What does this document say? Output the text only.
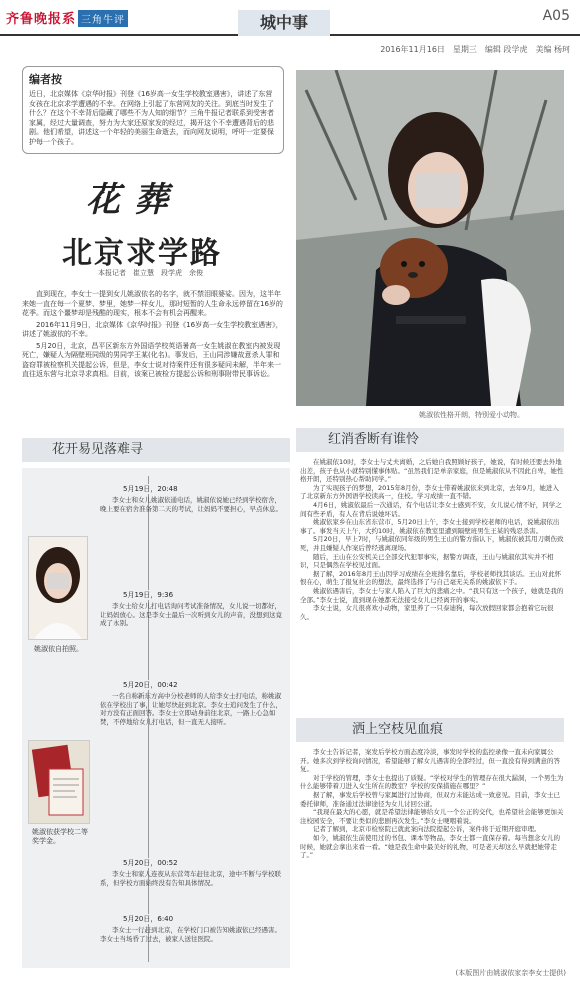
齐鲁晚报系 三角牛评	城中事	A05
2016年11月16日　星期三　编辑 段学虎　美编 杨珂
编者按

近日，北京媒体《京华时报》刊登《16岁高一女生学校教室遇害》，讲述了东营女孩在北京求学遭遇的不幸。在网络上引起了东营网友的关注。到底当时发生了什么？在这个不幸背后隐藏了哪些不为人知的细节？三角牛报记者联系到受害者家属，经过大量调查，努力为大家还原家发的经过，揭开这个不幸遭遇背后的悲剧。他们希望，讲述这一个年轻的美丽生命逝去，而向网友说明，呼吁一定要保护每一个孩子。

花葬
北京求学路
本报记者　崔立慧　段学虎　余俊

直到现在，李女士一提到女儿姚淑依名的名字，就不禁泪眼婆娑。因为，这半年来她一直在每一个夏梦、梦里，她梦一样女儿，那时短暂的人生命永远停留在16岁的花季。而这个噩梦却是残酷的现实，根本不会有机会再醒来。

2016年11月9日，北京媒体《京华时报》刊登《16岁高一女生学校教室遇害》，讲述了姚淑依的不幸。

5月20日，北京，昌平区新东方外国语学校英语暑高一女生姚淑在教室内被发现死亡，嫌疑人为隔壁班同级的男同学王某(化名)。事发后，王山同涉嫌故意杀人罪和盗窃罪被检察机关提起公诉，但是，李女士说对待案件还有很多疑问未解，半年来一直往返东营与北京寻求真相。目前，该案已被检方提起公诉和刑事附带民事诉讼。

姚淑依性格开朗，特别爱小动物。
红消香断有谁怜

在姚淑依10时，李女士与丈夫离婚，之后她自我照顾好孩子，她说，有时候还要去外地出差，孩子也从小就特别懂事体贴。“虽然我们是单亲家庭，但是姚淑依从不因此自卑，她性格开朗，还特别热心帮助同学。”

为了实现孩子的梦想，2015年8月份，李女士带着姚淑依来到北京，去年9月，她进入了北京新东方外国语学校读高一，住校。学习成绩一直不错。

4月6日，姚淑依最后一次通话，有个电话让李女士感到不安，女儿说心情不好，同学之间有些矛盾，有人在背后说她坏话。

姚淑依家乡在山东省东营市，5月20日上午，李女士接到学校老师的电话，说姚淑依出事了。事发当天上午，大约10时，姚淑依在教室里遭到隔壁班男生王某的残忍杀害。

5月20日，早上7时，与姚淑依同年级的男生王山的警方指认下，姚淑依被其用刀刺伤致死，并且嫌疑人作案后曾经逃离现场。

随后，王山在公安机关已全部交代犯罪事实，据警方调查，王山与姚淑依其实并不相识，只是偶然在学校见过面。

据了解，2016年8月王山因学习成绩在全班排名靠后，学校老师找其谈话。王山对此怀恨在心，萌生了报复社会的想法，最终选择了与自己毫无关系的姚淑依下手。

姚淑依遇害后，李女士与家人陷入了巨大的悲痛之中。“我只有这一个孩子，她就是我的全部。”李女士说，直到现在她都无法接受女儿已经离开的事实。

李女士说，女儿很喜欢小动物，家里养了一只泰迪狗，每次放假回家都会抱着它玩很久。

洒上空枝见血痕

李女士告诉记者，案发后学校方面态度冷淡，事发时学校的监控录像一直未向家属公开。她多次到学校询问情况，希望能够了解女儿遇害的全部经过，但一直没有得到满意的答复。

对于学校的管理，李女士也提出了质疑。“学校对学生的管理存在很大漏洞，一个男生为什么能够带着刀进入女生所在的教室？学校的安保措施在哪里？”

据了解，事发后学校曾与家属进行过协商，但双方未能达成一致意见。目前，李女士已委托律师，准备通过法律途径为女儿讨回公道。

“我现在最大的心愿，就是希望法律能够给女儿一个公正的交代，也希望社会能够更加关注校园安全，不要让类似的悲剧再次发生。”李女士哽咽着说。

记者了解到，北京市检察院已就此案向法院提起公诉，案件将于近期开庭审理。

如今，姚淑依生前使用过的书包、课本等物品，李女士都一直保存着。每当想念女儿的时候，她就会拿出来看一看。“她是我生命中最美好的礼物，可是老天却这么早就把她带走了。”

花开易见落难寻
5月19日，20:48
李女士和女儿姚淑依通电话，姚淑依说她已经到学校宿舍，晚上要在宿舍准备第二天的考试，让妈妈不要担心，早点休息。
5月19日，9:36
李女士给女儿打电话询问考试准备情况，女儿说一切都好，让妈妈放心。这是李女士最后一次听到女儿的声音，没想到这竟成了永别。
5月20日，00:42
一名自称新东方高中分校老师的人给李女士打电话，称姚淑依在学校出了事，让她尽快赶到北京。李女士追问发生了什么，对方没有正面回答。李女士立即动身前往北京，一路上心急如焚，不停地给女儿打电话，但一直无人接听。
5月20日，00:52
李女士和家人连夜从东营驾车赶往北京，途中不断与学校联系，但学校方面始终没有告知具体情况。
5月20日，6:40
李女士一行赶到北京，在学校门口被告知姚淑依已经遇害。李女士当场昏了过去，被家人送往医院。
姚淑依自拍照。
姚淑依获学校二等奖学金。
(本版图片由姚淑依家亲李女士提供)
